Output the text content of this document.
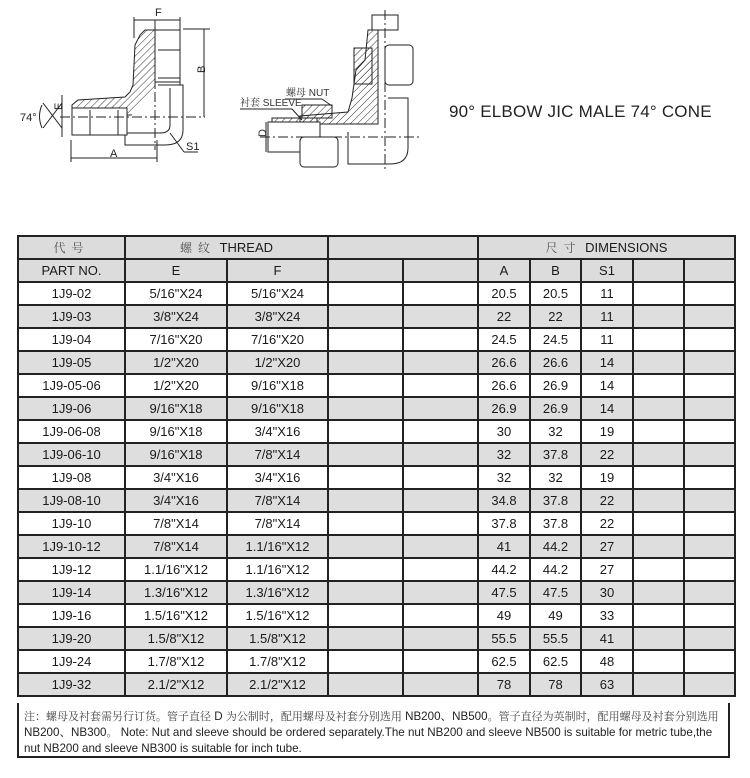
F
B
E
74°
A
S1
螺母 NUT
衬套 SLEEVE
D
90° ELBOW JIC MALE 74° CONE
代号	螺纹 THREAD				尺寸 DIMENSIONS				
PART NO.	E	F			A	B	S1		
1J9-02	5/16"X24	5/16"X24			20.5	20.5	11		
1J9-03	3/8"X24	3/8"X24			22	22	11		
1J9-04	7/16"X20	7/16"X20			24.5	24.5	11		
1J9-05	1/2"X20	1/2"X20			26.6	26.6	14		
1J9-05-06	1/2"X20	9/16"X18			26.6	26.9	14		
1J9-06	9/16"X18	9/16"X18			26.9	26.9	14		
1J9-06-08	9/16"X18	3/4"X16			30	32	19		
1J9-06-10	9/16"X18	7/8"X14			32	37.8	22		
1J9-08	3/4"X16	3/4"X16			32	32	19		
1J9-08-10	3/4"X16	7/8"X14			34.8	37.8	22		
1J9-10	7/8"X14	7/8"X14			37.8	37.8	22		
1J9-10-12	7/8"X14	1.1/16"X12			41	44.2	27		
1J9-12	1.1/16"X12	1.1/16"X12			44.2	44.2	27		
1J9-14	1.3/16"X12	1.3/16"X12			47.5	47.5	30		
1J9-16	1.5/16"X12	1.5/16"X12			49	49	33		
1J9-20	1.5/8"X12	1.5/8"X12			55.5	55.5	41		
1J9-24	1.7/8"X12	1.7/8"X12			62.5	62.5	48		
1J9-32	2.1/2"X12	2.1/2"X12			78	78	63		
注：螺母及衬套需另行订货。管子直径 D 为公制时，配用螺母及衬套分别选用 NB200、NB500。管子直径为英制时，配用螺母及衬套分别选用 NB200、NB300。 Note: Nut and sleeve should be ordered separately.The nut NB200 and sleeve NB500 is suitable for metric tube,the nut NB200 and sleeve NB300 is suitable for inch tube.
